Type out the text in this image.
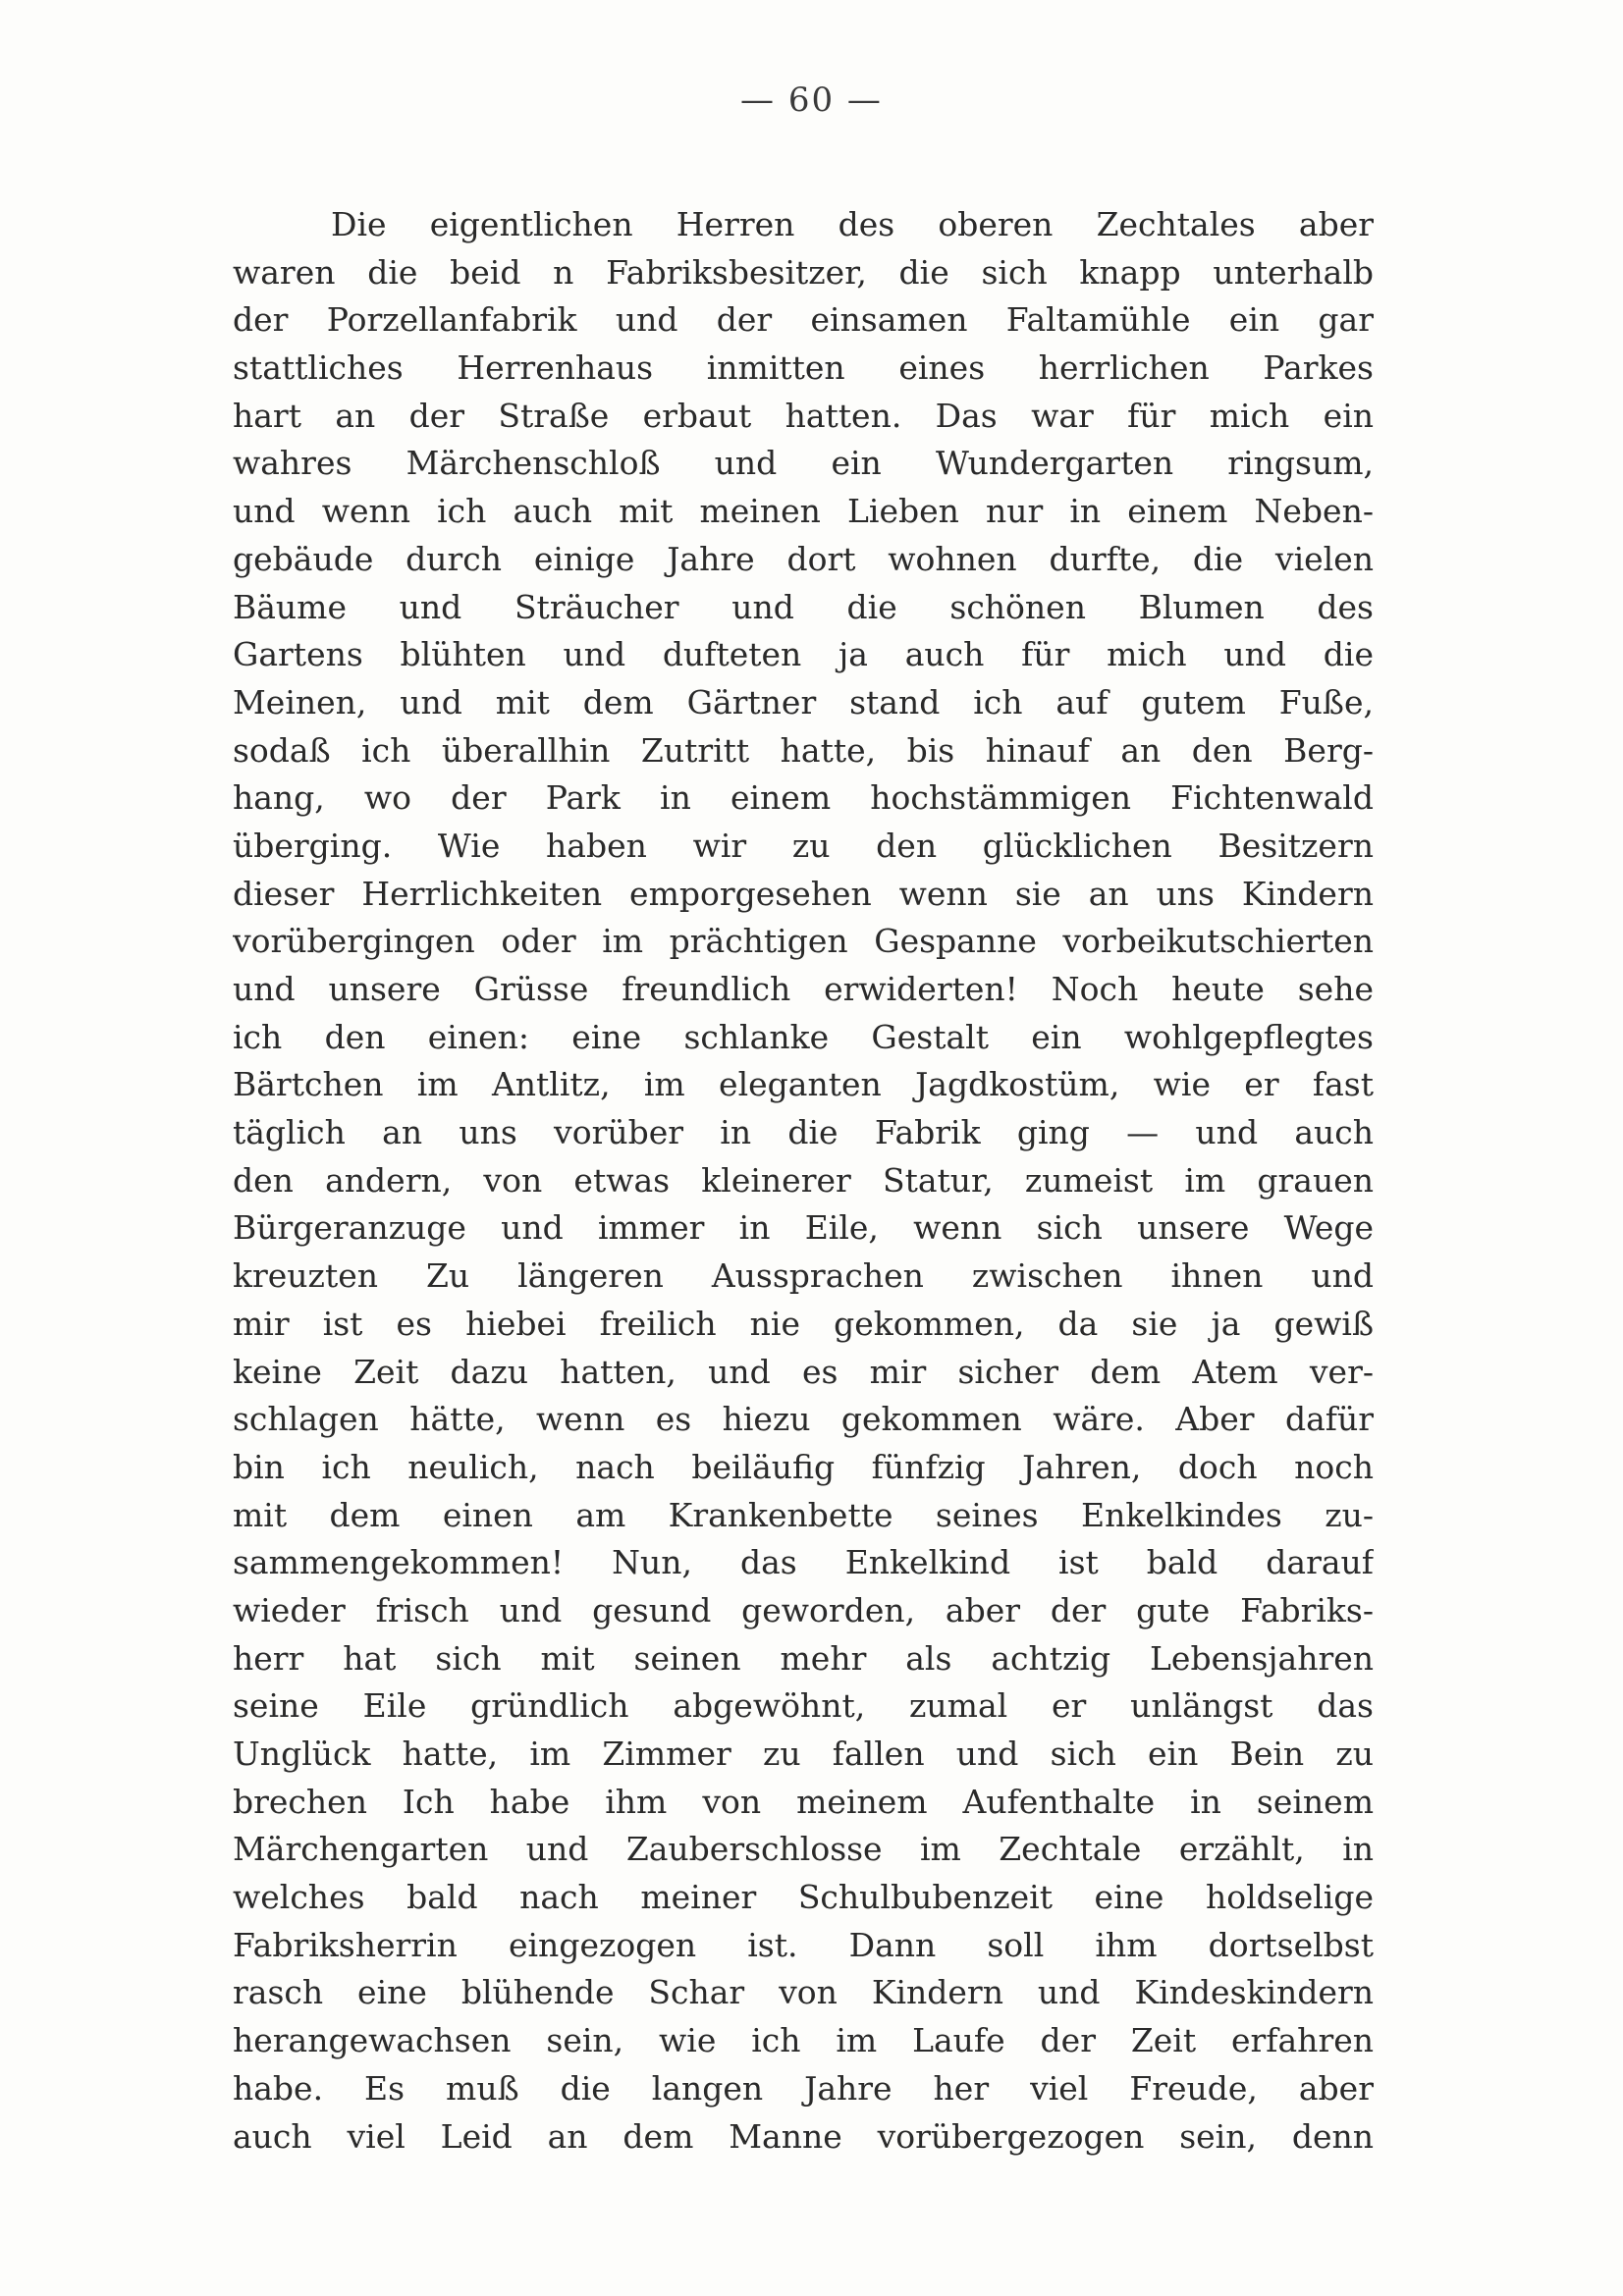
— 60 —
Die eigentlichen Herren des oberen Zechtales aber
waren die beid n Fabriksbesitzer, die sich knapp unterhalb
der Porzellanfabrik und der einsamen Faltamühle ein gar
stattliches Herrenhaus inmitten eines herrlichen Parkes
hart an der Straße erbaut hatten. Das war für mich ein
wahres Märchenschloß und ein Wundergarten ringsum,
und wenn ich auch mit meinen Lieben nur in einem Neben-
gebäude durch einige Jahre dort wohnen durfte, die vielen
Bäume und Sträucher und die schönen Blumen des
Gartens blühten und dufteten ja auch für mich und die
Meinen, und mit dem Gärtner stand ich auf gutem Fuße,
sodaß ich überallhin Zutritt hatte, bis hinauf an den Berg-
hang, wo der Park in einem hochstämmigen Fichtenwald
überging. Wie haben wir zu den glücklichen Besitzern
dieser Herrlichkeiten emporgesehen wenn sie an uns Kindern
vorübergingen oder im prächtigen Gespanne vorbeikutschierten
und unsere Grüsse freundlich erwiderten! Noch heute sehe
ich den einen: eine schlanke Gestalt ein wohlgepflegtes
Bärtchen im Antlitz, im eleganten Jagdkostüm, wie er fast
täglich an uns vorüber in die Fabrik ging — und auch
den andern, von etwas kleinerer Statur, zumeist im grauen
Bürgeranzuge und immer in Eile, wenn sich unsere Wege
kreuzten Zu längeren Aussprachen zwischen ihnen und
mir ist es hiebei freilich nie gekommen, da sie ja gewiß
keine Zeit dazu hatten, und es mir sicher dem Atem ver-
schlagen hätte, wenn es hiezu gekommen wäre. Aber dafür
bin ich neulich, nach beiläufig fünfzig Jahren, doch noch
mit dem einen am Krankenbette seines Enkelkindes zu-
sammengekommen! Nun, das Enkelkind ist bald darauf
wieder frisch und gesund geworden, aber der gute Fabriks-
herr hat sich mit seinen mehr als achtzig Lebensjahren
seine Eile gründlich abgewöhnt, zumal er unlängst das
Unglück hatte, im Zimmer zu fallen und sich ein Bein zu
brechen Ich habe ihm von meinem Aufenthalte in seinem
Märchengarten und Zauberschlosse im Zechtale erzählt, in
welches bald nach meiner Schulbubenzeit eine holdselige
Fabriksherrin eingezogen ist. Dann soll ihm dortselbst
rasch eine blühende Schar von Kindern und Kindeskindern
herangewachsen sein, wie ich im Laufe der Zeit erfahren
habe. Es muß die langen Jahre her viel Freude, aber
auch viel Leid an dem Manne vorübergezogen sein, denn
